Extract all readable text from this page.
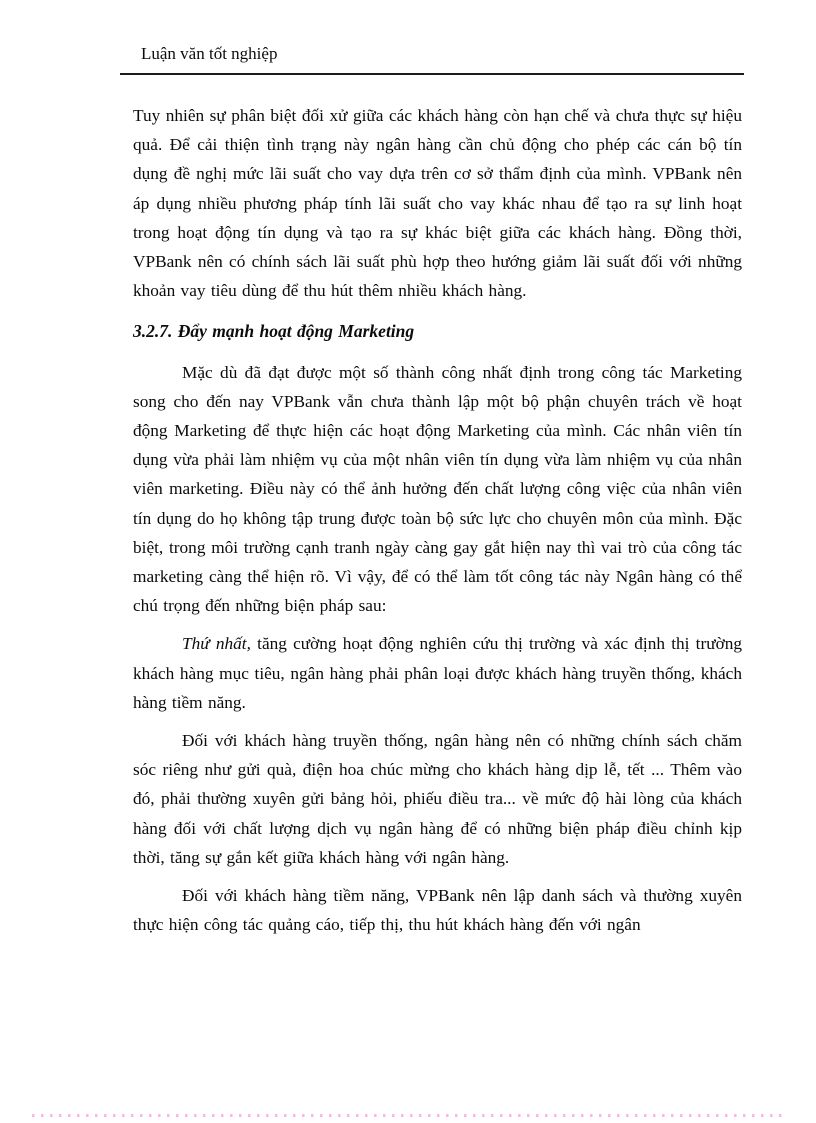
Luận văn tốt nghiệp

Tuy nhiên sự phân biệt đối xử giữa các khách hàng còn hạn chế và chưa thực sự hiệu quả. Để cải thiện tình trạng này ngân hàng cần chủ động cho phép các cán bộ tín dụng đề nghị mức lãi suất cho vay dựa trên cơ sở thẩm định của mình. VPBank nên áp dụng nhiều phương pháp tính lãi suất cho vay khác nhau để tạo ra sự linh hoạt trong hoạt động tín dụng và tạo ra sự khác biệt giữa các khách hàng. Đồng thời, VPBank nên có chính sách lãi suất phù hợp theo hướng giảm lãi suất đối với những khoản vay tiêu dùng để thu hút thêm nhiều khách hàng.

3.2.7. Đẩy mạnh hoạt động Marketing

Mặc dù đã đạt được một số thành công nhất định trong công tác Marketing song cho đến nay VPBank vẫn chưa thành lập một bộ phận chuyên trách về hoạt động Marketing để thực hiện các hoạt động Marketing của mình. Các nhân viên tín dụng vừa phải làm nhiệm vụ của một nhân viên tín dụng vừa làm nhiệm vụ của nhân viên marketing. Điều này có thể ảnh hưởng đến chất lượng công việc của nhân viên tín dụng do họ không tập trung được toàn bộ sức lực cho chuyên môn của mình. Đặc biệt, trong môi trường cạnh tranh ngày càng gay gắt hiện nay thì vai trò của công tác marketing càng thể hiện rõ. Vì vậy, để có thể làm tốt công tác này Ngân hàng có thể chú trọng đến những biện pháp sau:

Thứ nhất, tăng cường hoạt động nghiên cứu thị trường và xác định thị trường khách hàng mục tiêu, ngân hàng phải phân loại được khách hàng truyền thống, khách hàng tiềm năng.

Đối với khách hàng truyền thống, ngân hàng nên có những chính sách chăm sóc riêng như gửi quà, điện hoa chúc mừng cho khách hàng dịp lễ, tết ... Thêm vào đó, phải thường xuyên gửi bảng hỏi, phiếu điều tra... về mức độ hài lòng của khách hàng đối với chất lượng dịch vụ ngân hàng để có những biện pháp điều chỉnh kịp thời, tăng sự gắn kết giữa khách hàng với ngân hàng.

Đối với khách hàng tiềm năng, VPBank nên lập danh sách và thường xuyên thực hiện công tác quảng cáo, tiếp thị, thu hút khách hàng đến với ngân
